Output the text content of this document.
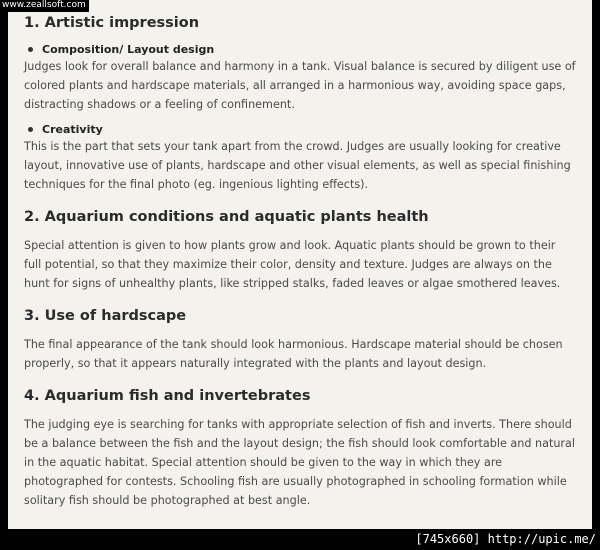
1. Artistic impression
Composition/ Layout design

Judges look for overall balance and harmony in a tank. Visual balance is secured by diligent use of colored plants and hardscape materials, all arranged in a harmonious way, avoiding space gaps, distracting shadows or a feeling of confinement.

Creativity

This is the part that sets your tank apart from the crowd. Judges are usually looking for creative layout, innovative use of plants, hardscape and other visual elements, as well as special finishing techniques for the final photo (eg. ingenious lighting effects).

2. Aquarium conditions and aquatic plants health

Special attention is given to how plants grow and look. Aquatic plants should be grown to their full potential, so that they maximize their color, density and texture. Judges are always on the hunt for signs of unhealthy plants, like stripped stalks, faded leaves or algae smothered leaves.

3. Use of hardscape

The final appearance of the tank should look harmonious. Hardscape material should be chosen properly, so that it appears naturally integrated with the plants and layout design.

4. Aquarium fish and invertebrates

The judging eye is searching for tanks with appropriate selection of fish and inverts. There should be a balance between the fish and the layout design; the fish should look comfortable and natural in the aquatic habitat. Special attention should be given to the way in which they are photographed for contests. Schooling fish are usually photographed in schooling formation while solitary fish should be photographed at best angle.

www.zeallsoft.com
[745x660] http://upic.me/
